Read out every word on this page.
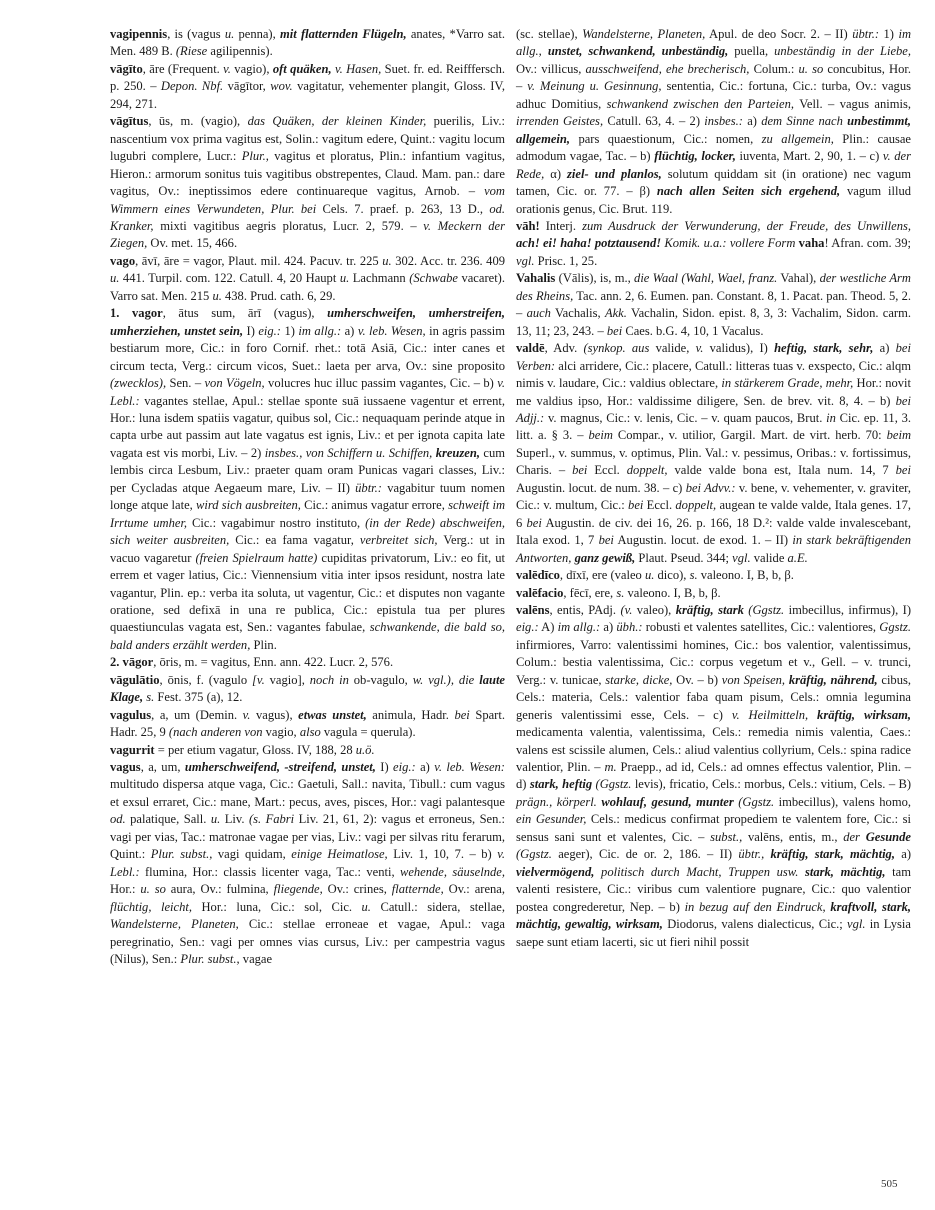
vagipennis, is (vagus u. penna), mit flatternden Flügeln, anates, *Varro sat. Men. 489 B. (Riese agilipennis).
vāgīto, āre (Frequent. v. vagio), oft quäken, v. Hasen, Suet. fr. ed. Reifffersch. p. 250. – Depon. Nbf. vāgītor, wov. vagitatur, vehementer plangit, Gloss. IV, 294, 271.
vāgītus, ūs, m. (vagio), das Quäken, der kleinen Kinder, puerilis, Liv.: nascentium vox prima vagitus est, Solin.: vagitum edere, Quint.: vagitu locum lugubri complere, Lucr.: Plur., vagitus et ploratus, Plin.: infantium vagitus, Hieron.: armorum sonitus tuis vagitibus obstrepentes, Claud. Mam. pan.: dare vagitus, Ov.: ineptissimos edere continuareque vagitus, Arnob. – vom Wimmern eines Verwundeten, Plur. bei Cels. 7. praef. p. 263, 13 D., od. Kranker, mixti vagitibus aegris ploratus, Lucr. 2, 579. – v. Meckern der Ziegen, Ov. met. 15, 466.
vago, āvī, āre = vagor, Plaut. mil. 424. Pacuv. tr. 225 u. 302. Acc. tr. 236. 409 u. 441. Turpil. com. 122. Catull. 4, 20 Haupt u. Lachmann (Schwabe vacaret). Varro sat. Men. 215 u. 438. Prud. cath. 6, 29.
1. vagor, ātus sum, ārī (vagus), umherschweifen, umherstreifen, umherziehen, unstet sein, I) eig.: 1) im allg.: a) v. leb. Wesen, in agris passim bestiarum more, Cic.: in foro Cornif. rhet.: totā Asiā, Cic.: inter canes et circum tecta, Verg.: circum vicos, Suet.: laeta per arva, Ov.: sine proposito (zwecklos), Sen. – von Vögeln, volucres huc illuc passim vagantes, Cic. – b) v. Lebl.: vagantes stellae, Apul.: stellae sponte suā iussaene vagentur et errent, Hor.: luna isdem spatiis vagatur, quibus sol, Cic.: nequaquam perinde atque in capta urbe aut passim aut late vagatus est ignis, Liv.: et per ignota capita late vagata est vis morbi, Liv. – 2) insbes., von Schiffern u. Schiffen, kreuzen, cum lembis circa Lesbum, Liv.: praeter quam oram Punicas vagari classes, Liv.: per Cycladas atque Aegaeum mare, Liv. – II) übtr.: vagabitur tuum nomen longe atque late, wird sich ausbreiten, Cic.: animus vagatur errore, schweift im Irrtume umher, Cic.: vagabimur nostro instituto, (in der Rede) abschweifen, sich weiter ausbreiten, Cic.: ea fama vagatur, verbreitet sich, Verg.: ut in vacuo vagaretur (freien Spielraum hatte) cupiditas privatorum, Liv.: eo fit, ut errem et vager latius, Cic.: Viennensium vitia inter ipsos residunt, nostra late vagantur, Plin. ep.: verba ita soluta, ut vagentur, Cic.: et disputes non vagante oratione, sed defixā in una re publica, Cic.: epistula tua per plures quaestiunculas vagata est, Sen.: vagantes fabulae, schwankende, die bald so, bald anders erzählt werden, Plin.
2. vāgor, ōris, m. = vagitus, Enn. ann. 422. Lucr. 2, 576.
vāgulātio, ōnis, f. (vagulo [v. vagio], noch in ob-vagulo, w. vgl.), die laute Klage, s. Fest. 375 (a), 12.
vagulus, a, um (Demin. v. vagus), etwas unstet, animula, Hadr. bei Spart. Hadr. 25, 9 (nach anderen von vagio, also vagula = querula).
vagurrit = per etium vagatur, Gloss. IV, 188, 28 u.ö.
vagus, a, um, umherschweifend, -streifend, unstet, I) eig.: a) v. leb. Wesen: multitudo dispersa atque vaga, Cic.: Gaetuli, Sall.: navita, Tibull.: cum vagus et exsul erraret, Cic.: mane, Mart.: pecus, aves, pisces, Hor.: vagi palantesque od. palatique, Sall. u. Liv. (s. Fabri Liv. 21, 61, 2): vagus et erroneus, Sen.: vagi per vias, Tac.: matronae vagae per vias, Liv.: vagi per silvas ritu ferarum, Quint.: Plur. subst., vagi quidam, einige Heimatlose, Liv. 1, 10, 7. – b) v. Lebl.: flumina, Hor.: classis licenter vaga, Tac.: venti, wehende, säuselnde, Hor.: u. so aura, Ov.: fulmina, fliegende, Ov.: crines, flatternde, Ov.: arena, flüchtig, leicht, Hor.: luna, Cic.: sol, Cic. u. Catull.: sidera, stellae, Wandelsterne, Planeten, Cic.: stellae erroneae et vagae, Apul.: vaga peregrinatio, Sen.: vagi per omnes vias cursus, Liv.: per campestria vagus (Nilus), Sen.: Plur. subst., vagae
(sc. stellae), Wandelsterne, Planeten, Apul. de deo Socr. 2. – II) übtr.: 1) im allg., unstet, schwankend, unbeständig, puella, unbeständig in der Liebe, Ov.: villicus, ausschweifend, ehe brecherisch, Colum.: u. so concubitus, Hor. – v. Meinung u. Gesinnung, sententia, Cic.: fortuna, Cic.: turba, Ov.: vagus adhuc Domitius, schwankend zwischen den Parteien, Vell. – vagus animis, irrenden Geistes, Catull. 63, 4. – 2) insbes.: a) dem Sinne nach unbestimmt, allgemein, pars quaestionum, Cic.: nomen, zu allgemein, Plin.: causae admodum vagae, Tac. – b) flüchtig, locker, iuventa, Mart. 2, 90, 1. – c) v. der Rede, α) ziel- und planlos, solutum quiddam sit (in oratione) nec vagum tamen, Cic. or. 77. – β) nach allen Seiten sich ergehend, vagum illud orationis genus, Cic. Brut. 119.
vāh! Interj. zum Ausdruck der Verwunderung, der Freude, des Unwillens, ach! ei! haha! potztausend! Komik. u.a.: vollere Form vaha! Afran. com. 39; vgl. Prisc. 1, 25.
Vahalis (Vālis), is, m., die Waal (Wahl, Wael, franz. Vahal), der westliche Arm des Rheins, Tac. ann. 2, 6. Eumen. pan. Constant. 8, 1. Pacat. pan. Theod. 5, 2. – auch Vachalis, Akk. Vachalin, Sidon. epist. 8, 3, 3: Vachalim, Sidon. carm. 13, 11; 23, 243. – bei Caes. b.G. 4, 10, 1 Vacalus.
valdē, Adv. (synkop. aus valide, v. validus), I) heftig, stark, sehr, a) bei Verben: alci arridere, Cic.: placere, Catull.: litteras tuas v. exspecto, Cic.: alqm nimis v. laudare, Cic.: valdius oblectare, in stärkerem Grade, mehr, Hor.: novit me valdius ipso, Hor.: valdissime diligere, Sen. de brev. vit. 8, 4. – b) bei Adjj.: v. magnus, Cic.: v. lenis, Cic. – v. quam paucos, Brut. in Cic. ep. 11, 3. litt. a. § 3. – beim Compar., v. utilior, Gargil. Mart. de virt. herb. 70: beim Superl., v. summus, v. optimus, Plin. Val.: v. pessimus, Oribas.: v. fortissimus, Charis. – bei Eccl. doppelt, valde valde bona est, Itala num. 14, 7 bei Augustin. locut. de num. 38. – c) bei Advv.: v. bene, v. vehementer, v. graviter, Cic.: v. multum, Cic.: bei Eccl. doppelt, augean te valde valde, Itala genes. 17, 6 bei Augustin. de civ. dei 16, 26. p. 166, 18 D.²: valde valde invalescebant, Itala exod. 1, 7 bei Augustin. locut. de exod. 1. – II) in stark bekräftigenden Antworten, ganz gewiß, Plaut. Pseud. 344; vgl. valide a.E.
valēdīco, dīxī, ere (valeo u. dico), s. valeono. I, B, b, β.
valēfacio, fēcī, ere, s. valeono. I, B, b, β.
valēns, entis, PAdj. (v. valeo), kräftig, stark (Ggstz. imbecillus, infirmus), I) eig.: A) im allg.: a) übh.: robusti et valentes satellites, Cic.: valentiores, Ggstz. infirmiores, Varro: valentissimi homines, Cic.: bos valentior, valentissimus, Colum.: bestia valentissima, Cic.: corpus vegetum et v., Gell. – v. trunci, Verg.: v. tunicae, starke, dicke, Ov. – b) von Speisen, kräftig, nährend, cibus, Cels.: materia, Cels.: valentior faba quam pisum, Cels.: omnia legumina generis valentissimi esse, Cels. – c) v. Heilmitteln, kräftig, wirksam, medicamenta valentia, valentissima, Cels.: remedia nimis valentia, Caes.: valens est scissile alumen, Cels.: aliud valentius collyrium, Cels.: spina radice valentior, Plin. – m. Praepp., ad id, Cels.: ad omnes effectus valentior, Plin. – d) stark, heftig (Ggstz. levis), fricatio, Cels.: morbus, Cels.: vitium, Cels. – B) prägn., körperl. wohlauf, gesund, munter (Ggstz. imbecillus), valens homo, ein Gesunder, Cels.: medicus confirmat propediem te valentem fore, Cic.: si sensus sani sunt et valentes, Cic. – subst., valēns, entis, m., der Gesunde (Ggstz. aeger), Cic. de or. 2, 186. – II) übtr., kräftig, stark, mächtig, a) vielvermögend, politisch durch Macht, Truppen usw. stark, mächtig, tam valenti resistere, Cic.: viribus cum valentiore pugnare, Cic.: quo valentior postea congrederetur, Nep. – b) in bezug auf den Eindruck, kraftvoll, stark, mächtig, gewaltig, wirksam, Diodorus, valens dialecticus, Cic.; vgl. in Lysia saepe sunt etiam lacerti, sic ut fieri nihil possit
505
